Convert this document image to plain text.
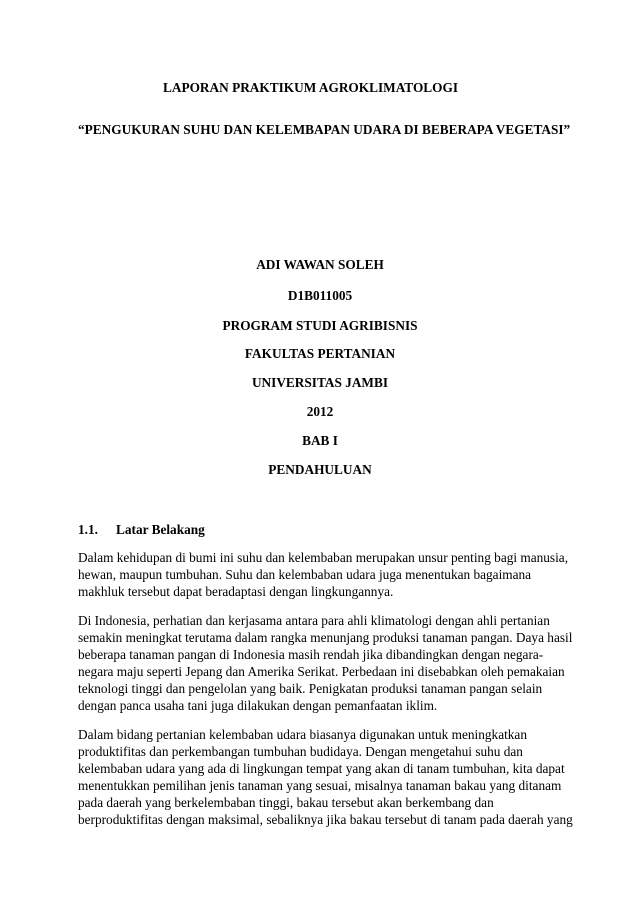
LAPORAN PRAKTIKUM AGROKLIMATOLOGI
“PENGUKURAN SUHU DAN KELEMBAPAN UDARA DI BEBERAPA VEGETASI”
ADI WAWAN SOLEH
D1B011005
PROGRAM STUDI AGRIBISNIS
FAKULTAS PERTANIAN
UNIVERSITAS JAMBI
2012
BAB I
PENDAHULUAN
1.1. Latar Belakang
Dalam kehidupan di bumi ini suhu dan kelembaban merupakan unsur penting bagi manusia,
hewan, maupun tumbuhan. Suhu dan kelembaban udara juga menentukan bagaimana
makhluk tersebut dapat beradaptasi dengan lingkungannya.
Di Indonesia, perhatian dan kerjasama antara para ahli klimatologi dengan ahli pertanian
semakin meningkat terutama dalam rangka menunjang produksi tanaman pangan. Daya hasil
beberapa tanaman pangan di Indonesia masih rendah jika dibandingkan dengan negara-
negara maju seperti Jepang dan Amerika Serikat. Perbedaan ini disebabkan oleh pemakaian
teknologi tinggi dan pengelolan yang baik. Penigkatan produksi tanaman pangan selain
dengan panca usaha tani juga dilakukan dengan pemanfaatan iklim.
Dalam bidang pertanian kelembaban udara biasanya digunakan untuk meningkatkan
produktifitas dan perkembangan tumbuhan budidaya. Dengan mengetahui suhu dan
kelembaban udara yang ada di lingkungan tempat yang akan di tanam tumbuhan, kita dapat
menentukkan pemilihan jenis tanaman yang sesuai, misalnya tanaman bakau yang ditanam
pada daerah yang berkelembaban tinggi, bakau tersebut akan berkembang dan
berproduktifitas dengan maksimal, sebaliknya jika bakau tersebut di tanam pada daerah yang
